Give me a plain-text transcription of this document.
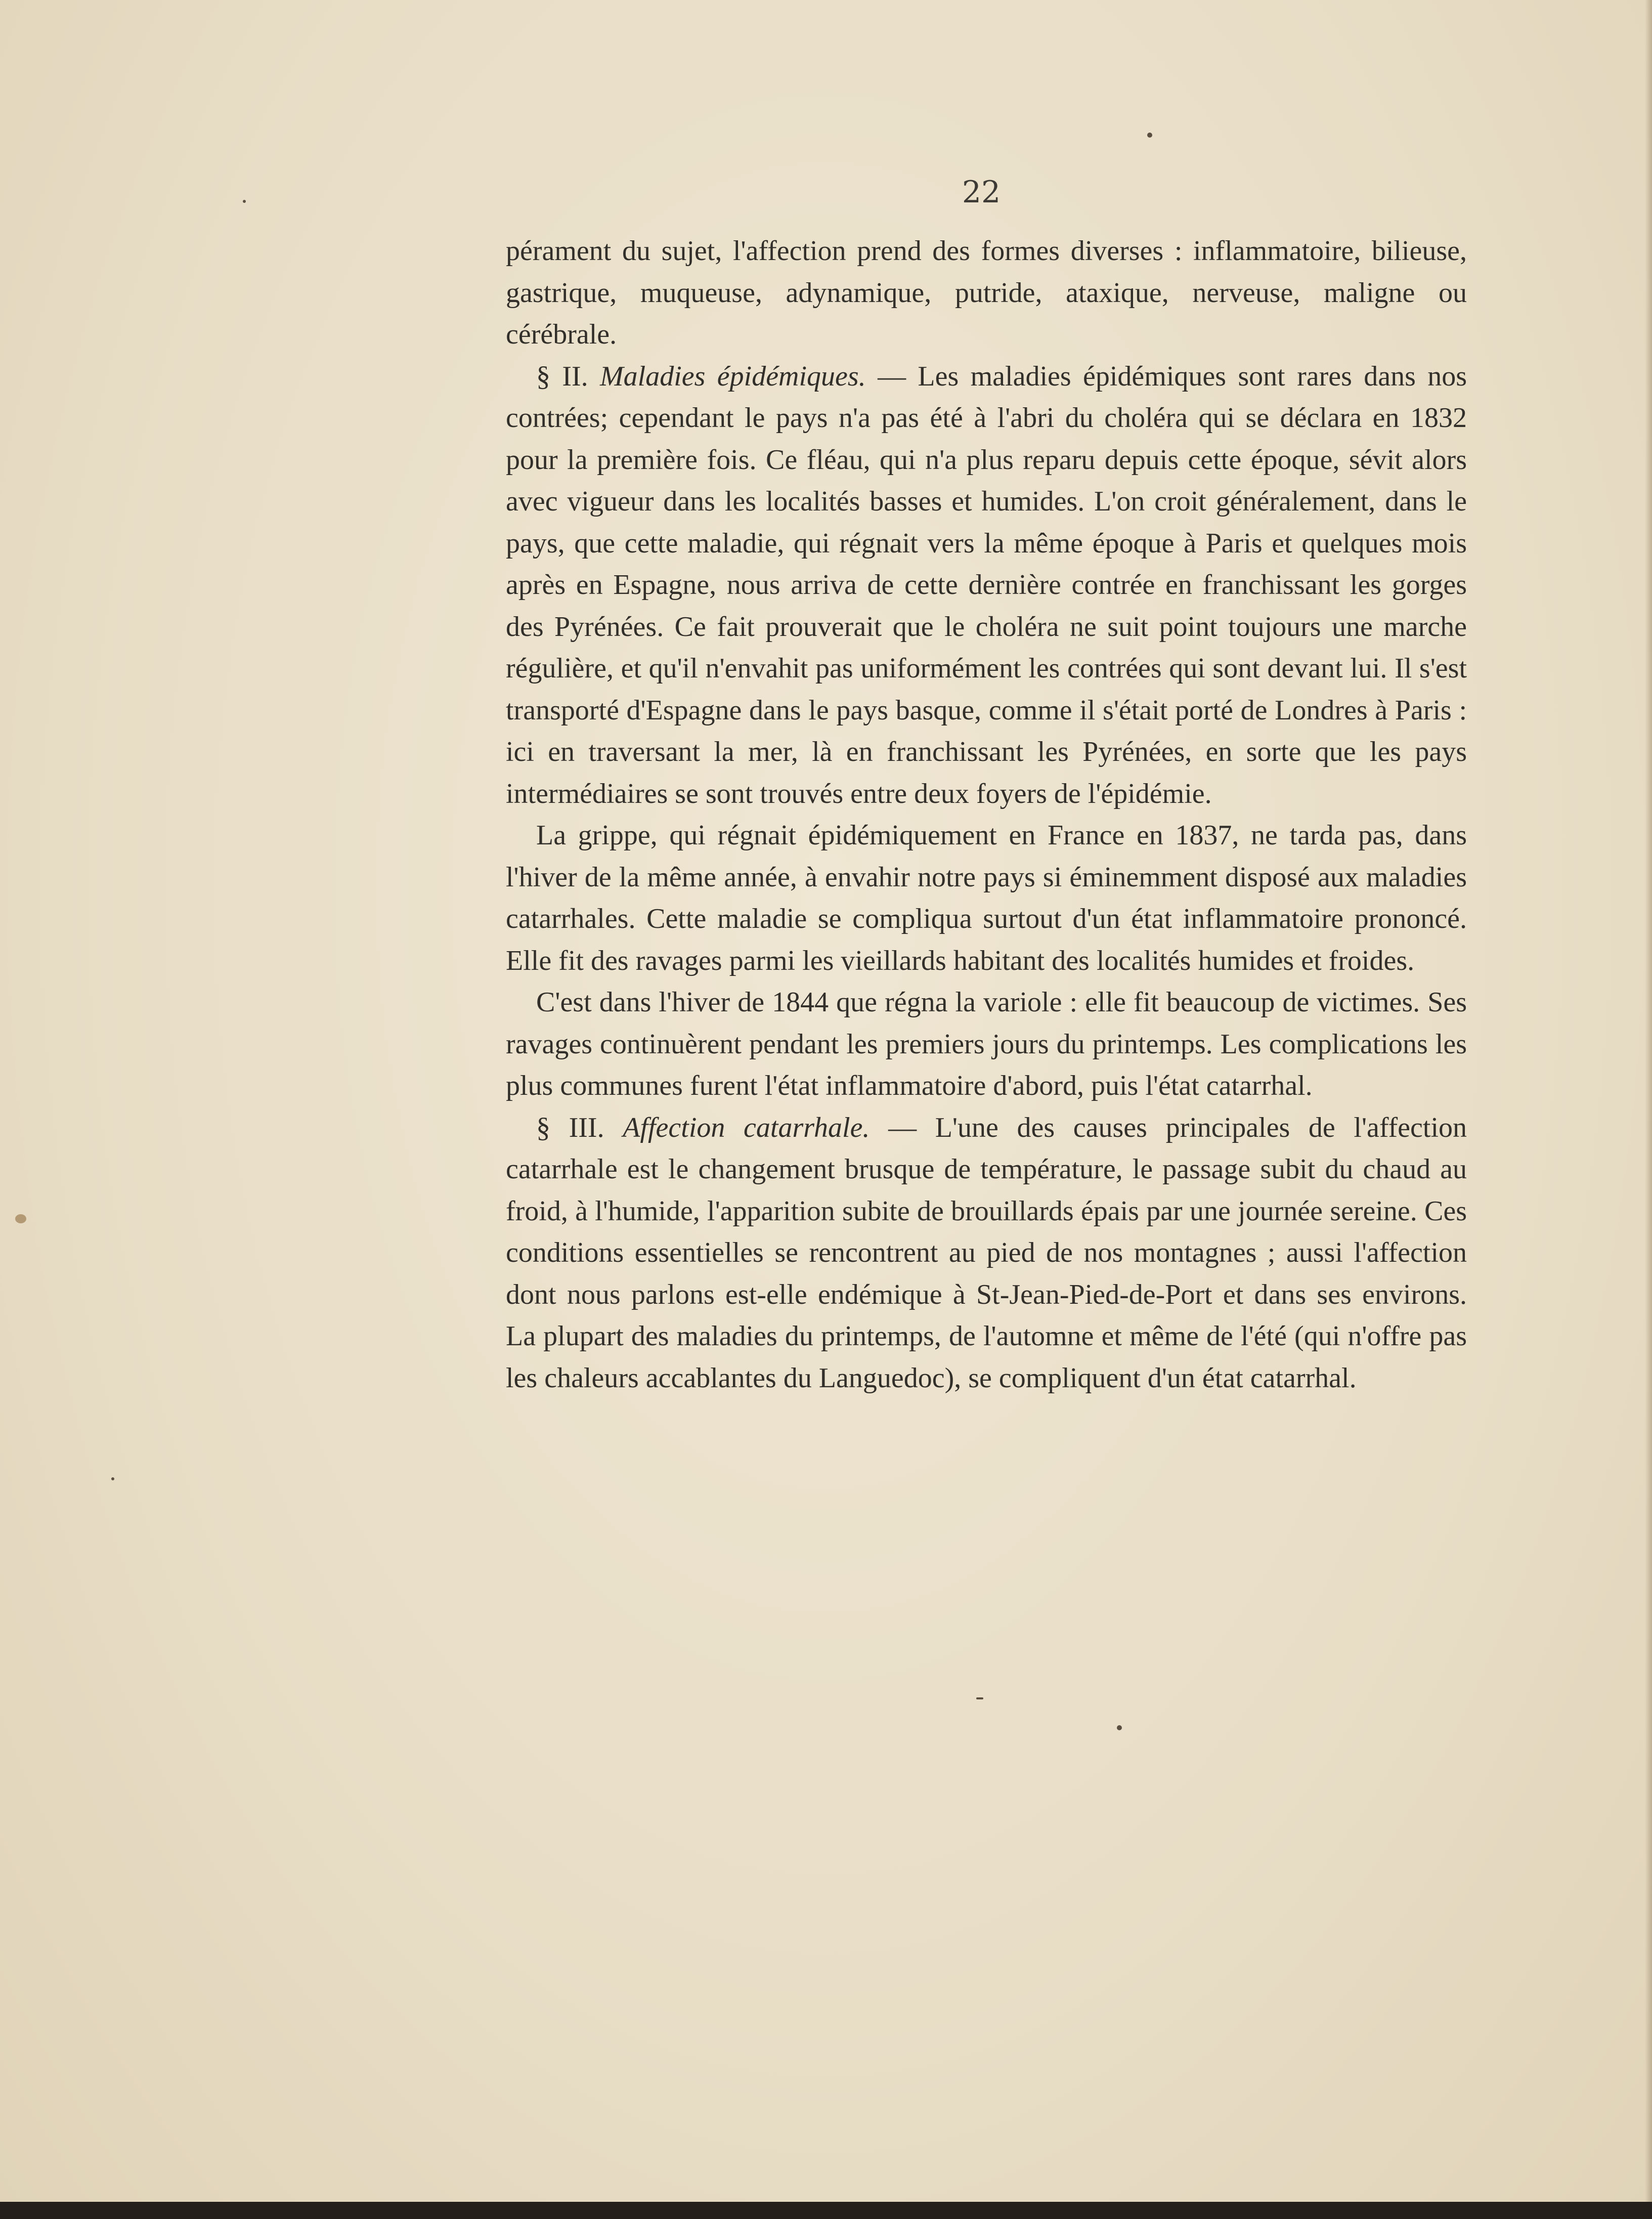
22

pérament du sujet, l'affection prend des formes diverses : inflammatoire, bilieuse, gastrique, muqueuse, adynamique, putride, ataxique, nerveuse, maligne ou cérébrale.

§ II. Maladies épidémiques. — Les maladies épidémiques sont rares dans nos contrées; cependant le pays n'a pas été à l'abri du choléra qui se déclara en 1832 pour la première fois. Ce fléau, qui n'a plus reparu depuis cette époque, sévit alors avec vigueur dans les localités basses et humides. L'on croit généralement, dans le pays, que cette maladie, qui régnait vers la même époque à Paris et quelques mois après en Espagne, nous arriva de cette dernière contrée en franchissant les gorges des Pyrénées. Ce fait prouverait que le choléra ne suit point toujours une marche régulière, et qu'il n'envahit pas uniformément les contrées qui sont devant lui. Il s'est transporté d'Espagne dans le pays basque, comme il s'était porté de Londres à Paris : ici en traversant la mer, là en franchissant les Pyrénées, en sorte que les pays intermédiaires se sont trouvés entre deux foyers de l'épidémie.

La grippe, qui régnait épidémiquement en France en 1837, ne tarda pas, dans l'hiver de la même année, à envahir notre pays si éminemment disposé aux maladies catarrhales. Cette maladie se compliqua surtout d'un état inflammatoire prononcé. Elle fit des ravages parmi les vieillards habitant des localités humides et froides.

C'est dans l'hiver de 1844 que régna la variole : elle fit beaucoup de victimes. Ses ravages continuèrent pendant les premiers jours du printemps. Les complications les plus communes furent l'état inflammatoire d'abord, puis l'état catarrhal.

§ III. Affection catarrhale. — L'une des causes principales de l'affection catarrhale est le changement brusque de température, le passage subit du chaud au froid, à l'humide, l'apparition subite de brouillards épais par une journée sereine. Ces conditions essentielles se rencontrent au pied de nos montagnes ; aussi l'affection dont nous parlons est-elle endémique à St-Jean-Pied-de-Port et dans ses environs. La plupart des maladies du printemps, de l'automne et même de l'été (qui n'offre pas les chaleurs accablantes du Languedoc), se compliquent d'un état catarrhal.
